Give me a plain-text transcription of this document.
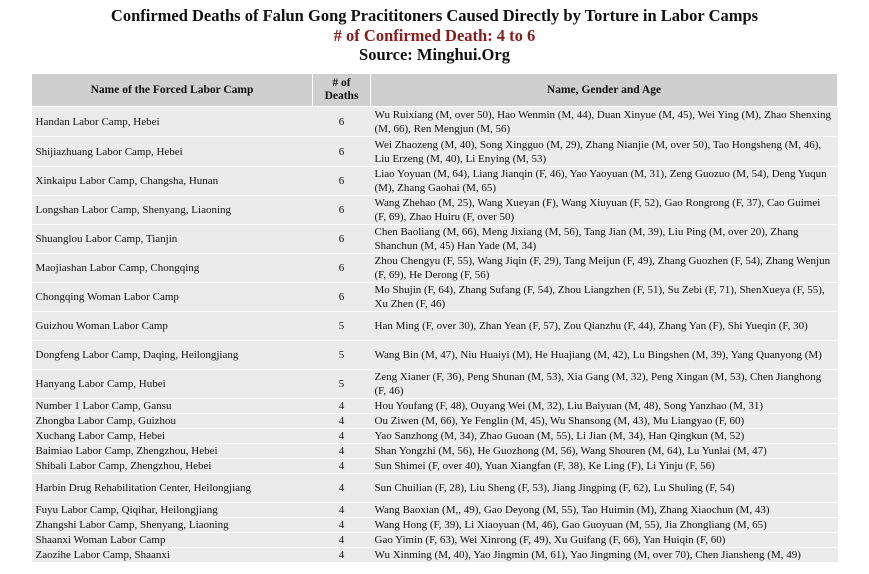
Confirmed Deaths of Falun Gong Pracititoners Caused Directly by Torture in Labor Camps
# of Confirmed Death: 4 to 6
Source: Minghui.Org
Name of the Forced Labor Camp	# of Deaths	Name, Gender and Age
Handan Labor Camp, Hebei	6	Wu Ruixiang (M, over 50), Hao Wenmin (M, 44), Duan Xinyue (M, 45), Wei Ying (M), Zhao Shenxing (M, 66), Ren Mengjun (M, 56)
Shijiazhuang Labor Camp, Hebei	6	Wei Zhaozeng (M, 40), Song Xingguo (M, 29), Zhang Nianjie (M, over 50), Tao Hongsheng (M, 46), Liu Erzeng (M, 40), Li Enying (M, 53)
Xinkaipu Labor Camp, Changsha, Hunan	6	Liao Yoyuan (M, 64), Liang Jianqin (F, 46), Yao Yaoyuan (M, 31), Zeng Guozuo (M, 54), Deng Yuqun (M), Zhang Gaohai (M, 65)
Longshan Labor Camp, Shenyang, Liaoning	6	Wang Zhehao (M, 25), Wang Xueyan (F), Wang Xiuyuan (F, 52), Gao Rongrong (F, 37), Cao Guimei (F, 69), Zhao Huiru (F, over 50)
Shuanglou Labor Camp, Tianjin	6	Chen Baoliang (M, 66), Meng Jixiang (M, 56), Tang Jian (M, 39), Liu Ping (M, over 20), Zhang Shanchun (M, 45) Han Yade (M, 34)
Maojiashan Labor Camp, Chongqing	6	Zhou Chengyu (F, 55), Wang Jiqin (F, 29), Tang Meijun (F, 49), Zhang Guozhen (F, 54), Zhang Wenjun (F, 69), He Derong (F, 56)
Chongqing Woman Labor Camp	6	Mo Shujin (F, 64), Zhang Sufang (F, 54), Zhou Liangzhen (F, 51), Su Zebi (F, 71), ShenXueya (F, 55), Xu Zhen (F, 46)
Guizhou Woman Labor Camp	5	Han Ming (F, over 30), Zhan Yean (F, 57), Zou Qianzhu (F, 44), Zhang Yan (F), Shi Yueqin (F, 30)
Dongfeng Labor Camp, Daqing, Heilongjiang	5	Wang Bin (M, 47), Niu Huaiyi (M), He Huajiang (M, 42), Lu Bingshen (M, 39), Yang Quanyong (M)
Hanyang Labor Camp, Hubei	5	Zeng Xianer (F, 36), Peng Shunan (M, 53), Xia Gang (M, 32), Peng Xingan (M, 53), Chen Jianghong (F, 46)
Number 1 Labor Camp, Gansu	4	Hou Youfang (F, 48), Ouyang Wei (M, 32), Liu Baiyuan (M, 48), Song Yanzhao (M, 31)
Zhongba Labor Camp, Guizhou	4	Ou Ziwen (M, 66), Ye Fenglin (M, 45), Wu Shansong (M, 43), Mu Liangyao (F, 60)
Xuchang Labor Camp, Hebei	4	Yao Sanzhong (M, 34), Zhao Guoan (M, 55), Li Jian (M, 34), Han Qingkun (M, 52)
Baimiao Labor Camp, Zhengzhou, Hebei	4	Shan Yongzhi (M, 56), He Guozhong (M, 56), Wang Shouren (M, 64), Lu Yunlai (M, 47)
Shibali Labor Camp, Zhengzhou, Hebei	4	Sun Shimei (F, over 40), Yuan Xiangfan (F, 38), Ke Ling (F), Li Yinju (F, 56)
Harbin Drug Rehabilitation Center, Heilongjiang	4	Sun Chuilian (F, 28), Liu Sheng (F, 53), Jiang Jingping (F, 62), Lu Shuling (F, 54)
Fuyu Labor Camp, Qiqihar, Heilongjiang	4	Wang Baoxian (M,, 49), Gao Deyong (M, 55), Tao Huimin (M), Zhang Xiaochun (M, 43)
Zhangshi Labor Camp, Shenyang, Liaoning	4	Wang Hong (F, 39), Li Xiaoyuan (M, 46), Gao Guoyuan (M, 55), Jia Zhongliang (M, 65)
Shaanxi Woman Labor Camp	4	Gao Yimin (F, 63), Wei Xinrong (F, 49), Xu Guifang (F, 66), Yan Huiqin (F, 60)
Zaozihe Labor Camp, Shaanxi	4	Wu Xinming (M, 40), Yao Jingmin (M, 61), Yao Jingming (M, over 70), Chen Jiansheng (M, 49)
